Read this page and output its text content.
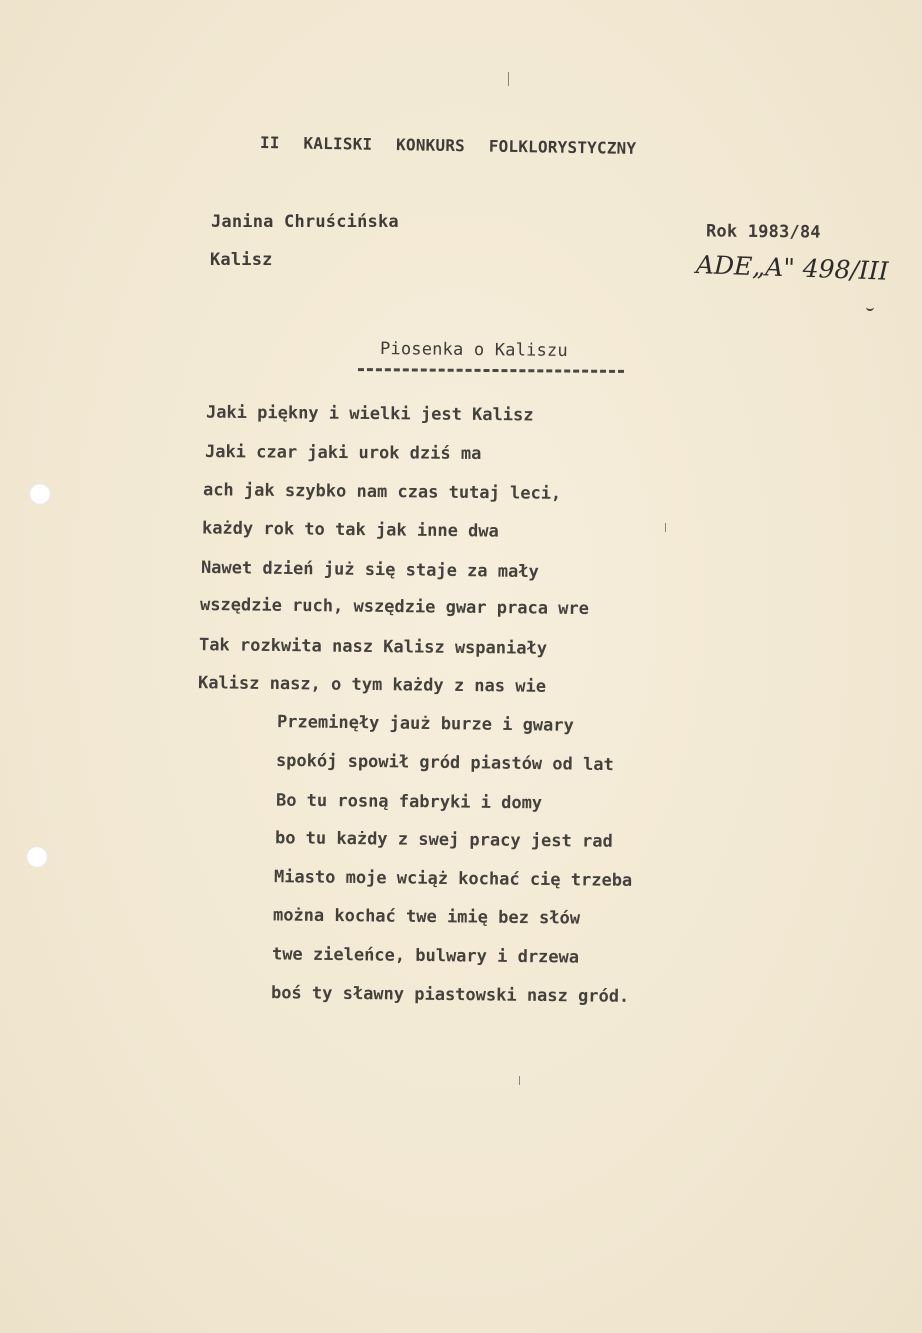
II KALISKI KONKURS FOLKLORYSTYCZNY
Janina Chruścińska
Kalisz
Rok 1983/84
ADE„A" 498/III
Piosenka o Kaliszu
Jaki piękny i wielki jest Kalisz
Jaki czar jaki urok dziś ma
ach jak szybko nam czas tutaj leci,
każdy rok to tak jak inne dwa
Nawet dzień już się staje za mały
wszędzie ruch, wszędzie gwar praca wre
Tak rozkwita nasz Kalisz wspaniały
Kalisz nasz, o tym każdy z nas wie
Przeminęły jauż burze i gwary
spokój spowił gród piastów od lat
Bo tu rosną fabryki i domy
bo tu każdy z swej pracy jest rad
Miasto moje wciąż kochać cię trzeba
można kochać twe imię bez słów
twe zieleńce, bulwary i drzewa
boś ty sławny piastowski nasz gród.
